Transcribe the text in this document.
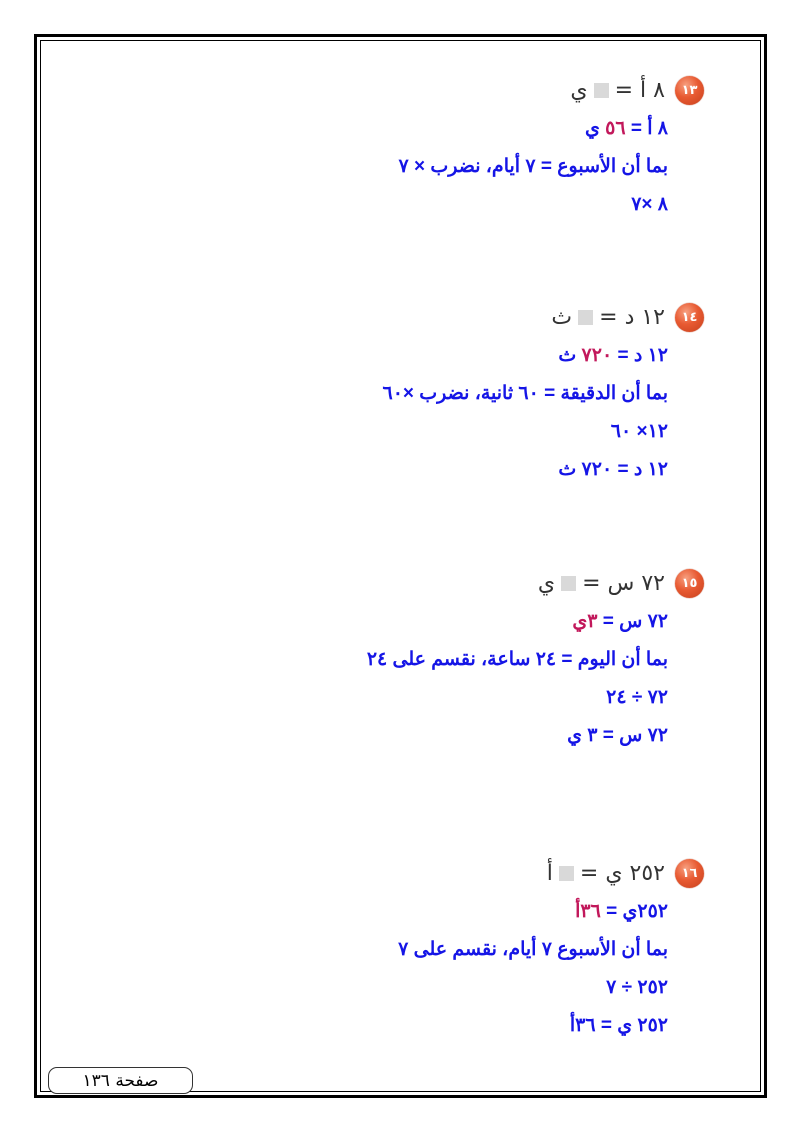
١٣
٨ أ =
ي
٨ أ = ٥٦ ي
بما أن الأسبوع = ٧ أيام، نضرب × ٧
٨ ×٧
١٤
١٢ د =
ث
١٢ د = ٧٢٠ ث
بما أن الدقيقة = ٦٠ ثانية، نضرب ×٦٠
١٢× ٦٠
١٢ د = ٧٢٠ ث
١٥
٧٢ س =
ي
٧٢ س = ٣ي
بما أن اليوم = ٢٤ ساعة، نقسم على ٢٤
٧٢ ÷ ٢٤
٧٢ س = ٣ ي
١٦
٢٥٢ ي =
أ
٢٥٢ي = ٣٦أ
بما أن الأسبوع ٧ أيام، نقسم على ٧
٢٥٢ ÷ ٧
٢٥٢ ي = ٣٦أ
صفحة ١٣٦
